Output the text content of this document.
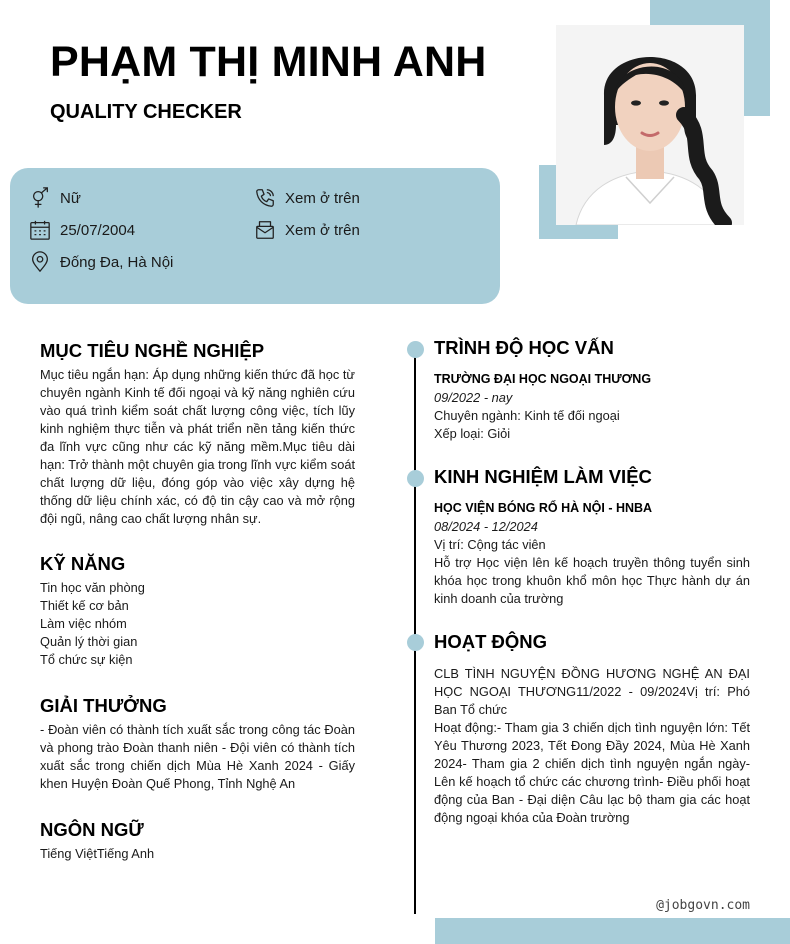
PHẠM THỊ MINH ANH
QUALITY CHECKER
Nữ
25/07/2004
Đống Đa, Hà Nội
Xem ở trên
Xem ở trên
MỤC TIÊU NGHỀ NGHIỆP
Mục tiêu ngắn hạn: Áp dụng những kiến thức đã học từ chuyên ngành Kinh tế đối ngoại và kỹ năng nghiên cứu vào quá trình kiểm soát chất lượng công việc, tích lũy kinh nghiệm thực tiễn và phát triển nền tảng kiến thức đa lĩnh vực cũng như các kỹ năng mềm.Mục tiêu dài hạn: Trở thành một chuyên gia trong lĩnh vực kiểm soát chất lượng dữ liệu, đóng góp vào việc xây dựng hệ thống dữ liệu chính xác, có độ tin cậy cao và mở rộng đội ngũ, nâng cao chất lượng nhân sự.
KỸ NĂNG
Tin học văn phòng
Thiết kế cơ bản
Làm việc nhóm
Quản lý thời gian
Tổ chức sự kiện
GIẢI THƯỞNG
- Đoàn viên có thành tích xuất sắc trong công tác Đoàn và phong trào Đoàn thanh niên - Đội viên có thành tích xuất sắc trong chiến dịch Mùa Hè Xanh 2024 - Giấy khen Huyện Đoàn Quế Phong, Tỉnh Nghệ An
NGÔN NGỮ
Tiếng ViệtTiếng Anh
TRÌNH ĐỘ HỌC VẤN
TRƯỜNG ĐẠI HỌC NGOẠI THƯƠNG
09/2022 - nay
Chuyên ngành: Kinh tế đối ngoại
Xếp loại: Giỏi
KINH NGHIỆM LÀM VIỆC
HỌC VIỆN BÓNG RỔ HÀ NỘI - HNBA
08/2024 - 12/2024
Vị trí: Cộng tác viên
Hỗ trợ Học viện lên kế hoạch truyền thông tuyển sinh khóa học trong khuôn khổ môn học Thực hành dự án kinh doanh của trường
HOẠT ĐỘNG
CLB TÌNH NGUYỆN ĐỒNG HƯƠNG NGHỆ AN ĐẠI HỌC NGOẠI THƯƠNG11/2022 - 09/2024Vị trí: Phó Ban Tổ chức
Hoạt động:- Tham gia 3 chiến dịch tình nguyện lớn: Tết Yêu Thương 2023, Tết Đong Đầy 2024, Mùa Hè Xanh 2024- Tham gia 2 chiến dịch tình nguyện ngắn ngày- Lên kế hoạch tổ chức các chương trình- Điều phối hoạt động của Ban - Đại diện Câu lạc bộ tham gia các hoạt động ngoại khóa của Đoàn trường
@jobgovn.com
